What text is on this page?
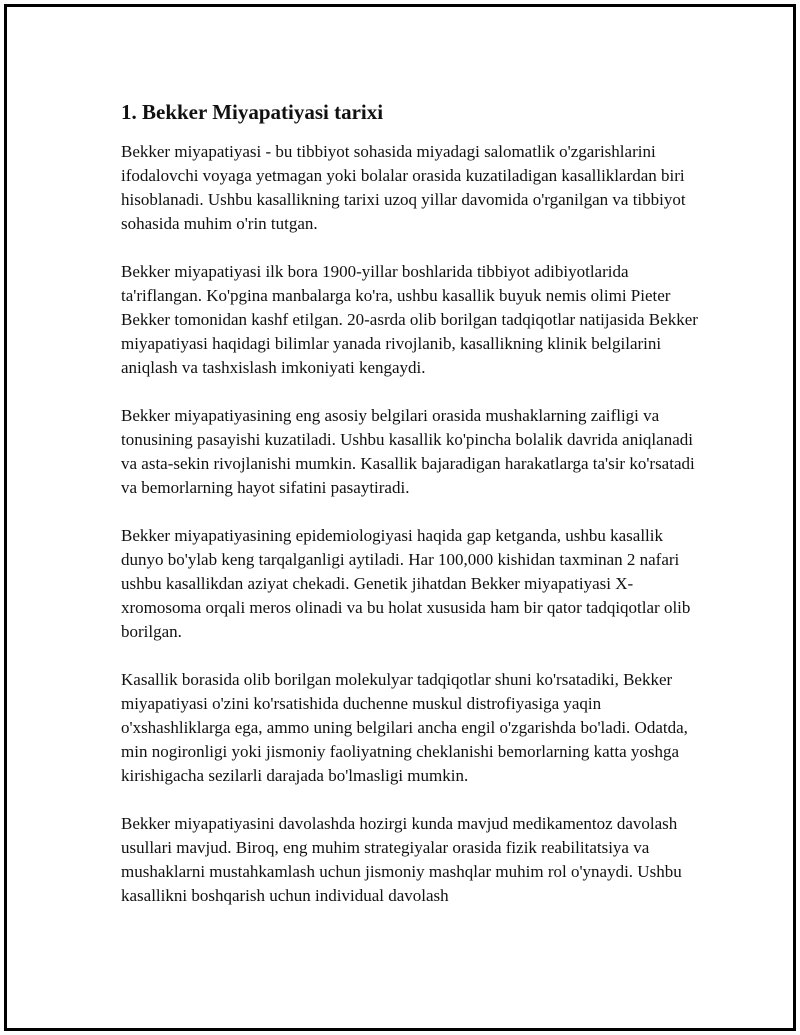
1. Bekker Miyapatiyasi tarixi

Bekker miyapatiyasi - bu tibbiyot sohasida miyadagi salomatlik o'zgarishlarini ifodalovchi voyaga yetmagan yoki bolalar orasida kuzatiladigan kasalliklardan biri hisoblanadi. Ushbu kasallikning tarixi uzoq yillar davomida o'rganilgan va tibbiyot sohasida muhim o'rin tutgan.

Bekker miyapatiyasi ilk bora 1900-yillar boshlarida tibbiyot adibiyotlarida ta'riflangan. Ko'pgina manbalarga ko'ra, ushbu kasallik buyuk nemis olimi Pieter Bekker tomonidan kashf etilgan. 20-asrda olib borilgan tadqiqotlar natijasida Bekker miyapatiyasi haqidagi bilimlar yanada rivojlanib, kasallikning klinik belgilarini aniqlash va tashxislash imkoniyati kengaydi.

Bekker miyapatiyasining eng asosiy belgilari orasida mushaklarning zaifligi va tonusining pasayishi kuzatiladi. Ushbu kasallik ko'pincha bolalik davrida aniqlanadi va asta-sekin rivojlanishi mumkin. Kasallik bajaradigan harakatlarga ta'sir ko'rsatadi va bemorlarning hayot sifatini pasaytiradi.

Bekker miyapatiyasining epidemiologiyasi haqida gap ketganda, ushbu kasallik dunyo bo'ylab keng tarqalganligi aytiladi. Har 100,000 kishidan taxminan 2 nafari ushbu kasallikdan aziyat chekadi. Genetik jihatdan Bekker miyapatiyasi X-xromosoma orqali meros olinadi va bu holat xususida ham bir qator tadqiqotlar olib borilgan.

Kasallik borasida olib borilgan molekulyar tadqiqotlar shuni ko'rsatadiki, Bekker miyapatiyasi o'zini ko'rsatishida duchenne muskul distrofiyasiga yaqin o'xshashliklarga ega, ammo uning belgilari ancha engil o'zgarishda bo'ladi. Odatda, min nogironligi yoki jismoniy faoliyatning cheklanishi bemorlarning katta yoshga kirishigacha sezilarli darajada bo'lmasligi mumkin.

Bekker miyapatiyasini davolashda hozirgi kunda mavjud medikamentoz davolash usullari mavjud. Biroq, eng muhim strategiyalar orasida fizik reabilitatsiya va mushaklarni mustahkamlash uchun jismoniy mashqlar muhim rol o'ynaydi. Ushbu kasallikni boshqarish uchun individual davolash
